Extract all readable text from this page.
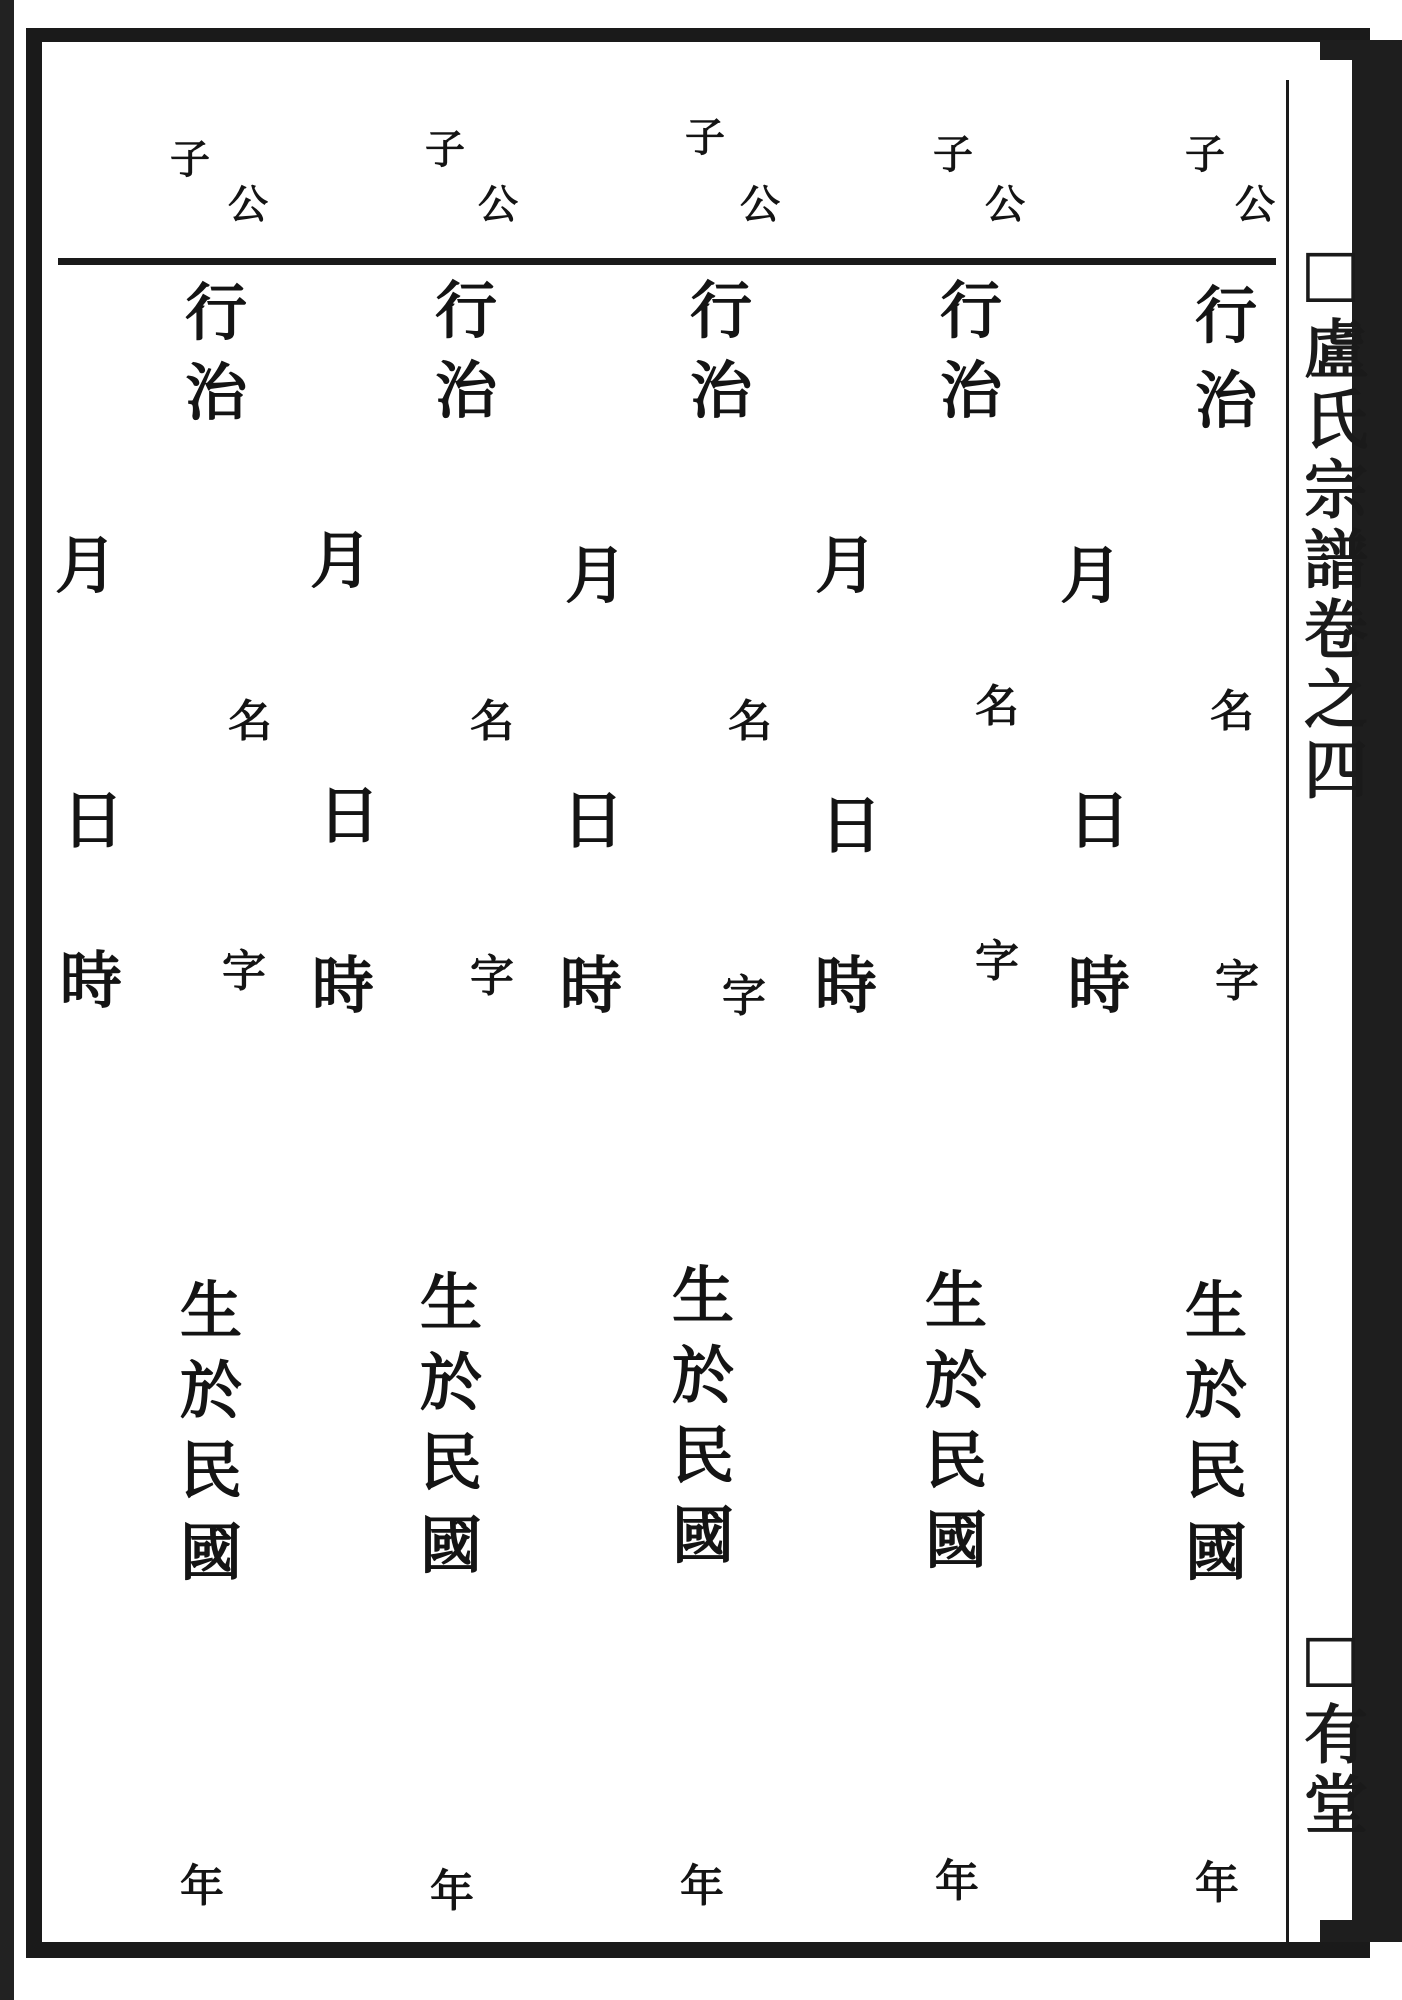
□盧氏宗譜卷之四
□有堂
子
公
行
治
名
字
生
於
民
國
年
子
公
行
治
名
字
生
於
民
國
年
子
公
行
治
名
字
生
於
民
國
年
子
公
行
治
名
字
生
於
民
國
年
子
公
行
治
名
字
生
於
民
國
年
月
日
時
月
日
時
月
日
時
月
日
時
月
日
時
